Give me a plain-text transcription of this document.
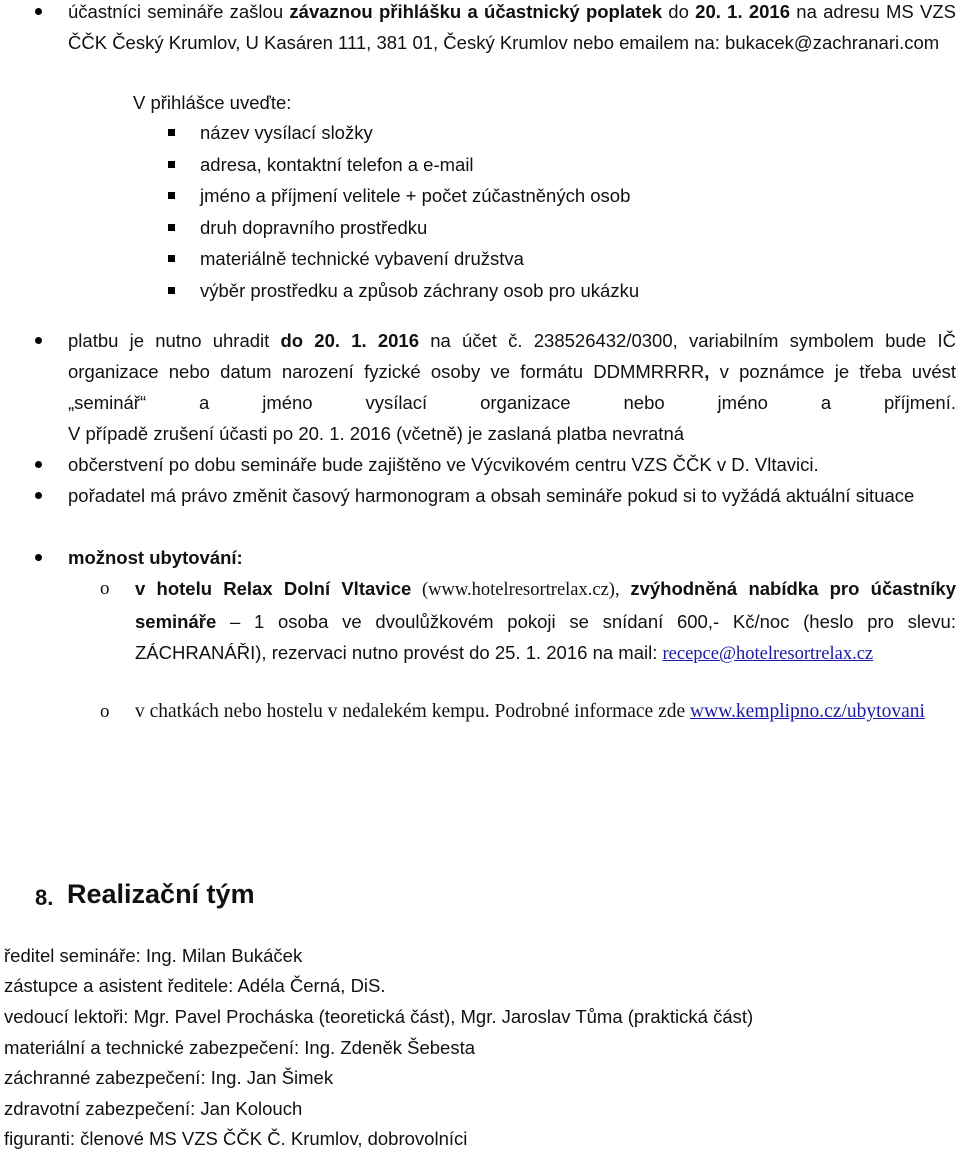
účastníci semináře zašlou závaznou přihlášku a účastnický poplatek do 20. 1. 2016 na adresu MS VZS ČČK Český Krumlov, U Kasáren 111, 381 01, Český Krumlov nebo emailem na: bukacek@zachranari.com
V přihlášce uveďte:
název vysílací složky
adresa, kontaktní telefon a e-mail
jméno a příjmení velitele + počet zúčastněných osob
druh dopravního prostředku
materiálně technické vybavení družstva
výběr prostředku a způsob záchrany osob pro ukázku
platbu je nutno uhradit do 20. 1. 2016 na účet č. 238526432/0300, variabilním symbolem bude IČ organizace nebo datum narození fyzické osoby ve formátu DDMMRRRR, v poznámce je třeba uvést
„seminář“ a jméno vysílací organizace nebo jméno a příjmení.
V případě zrušení účasti po 20. 1. 2016 (včetně) je zaslaná platba nevratná
občerstvení po dobu semináře bude zajištěno ve Výcvikovém centru VZS ČČK v D. Vltavici.
pořadatel má právo změnit časový harmonogram a obsah semináře pokud si to vyžádá aktuální situace
možnost ubytování:
o v hotelu Relax Dolní Vltavice (www.hotelresortrelax.cz), zvýhodněná nabídka pro účastníky semináře – 1 osoba ve dvoulůžkovém pokoji se snídaní 600,- Kč/noc (heslo pro slevu: ZÁCHRANÁŘI), rezervaci nutno provést do 25. 1. 2016 na mail: recepce@hotelresortrelax.cz
o v chatkách nebo hostelu v nedalekém kempu. Podrobné informace zde www.kemplipno.cz/ubytovani
8. Realizační tým
ředitel semináře: Ing. Milan Bukáček
zástupce a asistent ředitele: Adéla Černá, DiS.
vedoucí lektoři: Mgr. Pavel Procháska (teoretická část), Mgr. Jaroslav Tůma (praktická část)
materiální a technické zabezpečení: Ing. Zdeněk Šebesta
záchranné zabezpečení: Ing. Jan Šimek
zdravotní zabezpečení: Jan Kolouch
figuranti: členové MS VZS ČČK Č. Krumlov, dobrovolníci
